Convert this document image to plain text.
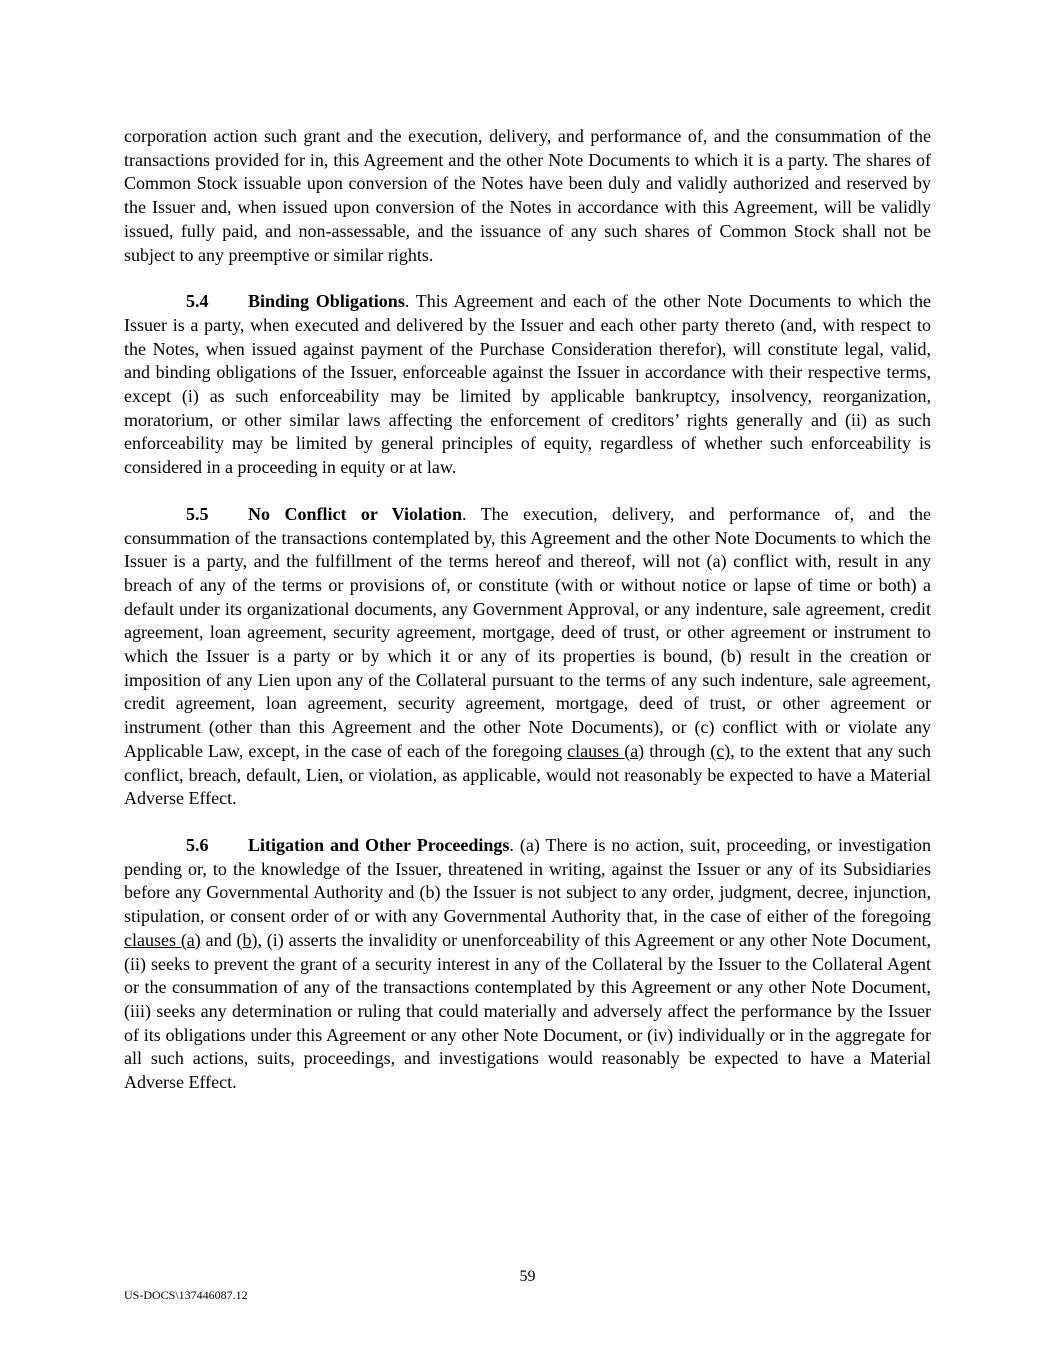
corporation action such grant and the execution, delivery, and performance of, and the consummation of the transactions provided for in, this Agreement and the other Note Documents to which it is a party. The shares of Common Stock issuable upon conversion of the Notes have been duly and validly authorized and reserved by the Issuer and, when issued upon conversion of the Notes in accordance with this Agreement, will be validly issued, fully paid, and non-assessable, and the issuance of any such shares of Common Stock shall not be subject to any preemptive or similar rights.

5.4 Binding Obligations. This Agreement and each of the other Note Documents to which the Issuer is a party, when executed and delivered by the Issuer and each other party thereto (and, with respect to the Notes, when issued against payment of the Purchase Consideration therefor), will constitute legal, valid, and binding obligations of the Issuer, enforceable against the Issuer in accordance with their respective terms, except (i) as such enforceability may be limited by applicable bankruptcy, insolvency, reorganization, moratorium, or other similar laws affecting the enforcement of creditors’ rights generally and (ii) as such enforceability may be limited by general principles of equity, regardless of whether such enforceability is considered in a proceeding in equity or at law.

5.5 No Conflict or Violation. The execution, delivery, and performance of, and the consummation of the transactions contemplated by, this Agreement and the other Note Documents to which the Issuer is a party, and the fulfillment of the terms hereof and thereof, will not (a) conflict with, result in any breach of any of the terms or provisions of, or constitute (with or without notice or lapse of time or both) a default under its organizational documents, any Government Approval, or any indenture, sale agreement, credit agreement, loan agreement, security agreement, mortgage, deed of trust, or other agreement or instrument to which the Issuer is a party or by which it or any of its properties is bound, (b) result in the creation or imposition of any Lien upon any of the Collateral pursuant to the terms of any such indenture, sale agreement, credit agreement, loan agreement, security agreement, mortgage, deed of trust, or other agreement or instrument (other than this Agreement and the other Note Documents), or (c) conflict with or violate any Applicable Law, except, in the case of each of the foregoing clauses (a) through (c), to the extent that any such conflict, breach, default, Lien, or violation, as applicable, would not reasonably be expected to have a Material Adverse Effect.

5.6 Litigation and Other Proceedings. (a) There is no action, suit, proceeding, or investigation pending or, to the knowledge of the Issuer, threatened in writing, against the Issuer or any of its Subsidiaries before any Governmental Authority and (b) the Issuer is not subject to any order, judgment, decree, injunction, stipulation, or consent order of or with any Governmental Authority that, in the case of either of the foregoing clauses (a) and (b), (i) asserts the invalidity or unenforceability of this Agreement or any other Note Document, (ii) seeks to prevent the grant of a security interest in any of the Collateral by the Issuer to the Collateral Agent or the consummation of any of the transactions contemplated by this Agreement or any other Note Document, (iii) seeks any determination or ruling that could materially and adversely affect the performance by the Issuer of its obligations under this Agreement or any other Note Document, or (iv) individually or in the aggregate for all such actions, suits, proceedings, and investigations would reasonably be expected to have a Material Adverse Effect.

59
US-DOCS\137446087.12
